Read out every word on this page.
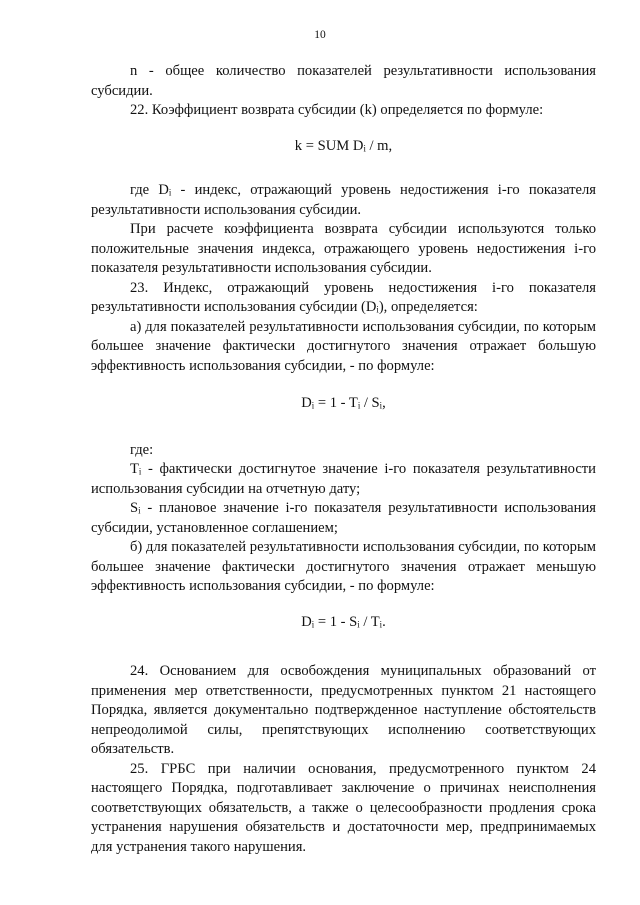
10

n - общее количество показателей результативности использования субсидии.

22. Коэффициент возврата субсидии (k) определяется по формуле:

k = SUM Dᵢ / m,

где Dᵢ - индекс, отражающий уровень недостижения i-го показателя результативности использования субсидии.

При расчете коэффициента возврата субсидии используются только положительные значения индекса, отражающего уровень недостижения i-го показателя результативности использования субсидии.

23. Индекс, отражающий уровень недостижения i-го показателя результативности использования субсидии (Dᵢ), определяется:

а) для показателей результативности использования субсидии, по которым большее значение фактически достигнутого значения отражает большую эффективность использования субсидии, - по формуле:

Dᵢ = 1 - Tᵢ / Sᵢ,

где:

Tᵢ - фактически достигнутое значение i-го показателя результативности использования субсидии на отчетную дату;

Sᵢ - плановое значение i-го показателя результативности использования субсидии, установленное соглашением;

б) для показателей результативности использования субсидии, по которым большее значение фактически достигнутого значения отражает меньшую эффективность использования субсидии, - по формуле:

Dᵢ = 1 - Sᵢ / Tᵢ.

24. Основанием для освобождения муниципальных образований от применения мер ответственности, предусмотренных пунктом 21 настоящего Порядка, является документально подтвержденное наступление обстоятельств непреодолимой силы, препятствующих исполнению соответствующих обязательств.

25. ГРБС при наличии основания, предусмотренного пунктом 24 настоящего Порядка, подготавливает заключение о причинах неисполнения соответствующих обязательств, а также о целесообразности продления срока устранения нарушения обязательств и достаточности мер, предпринимаемых для устранения такого нарушения.
